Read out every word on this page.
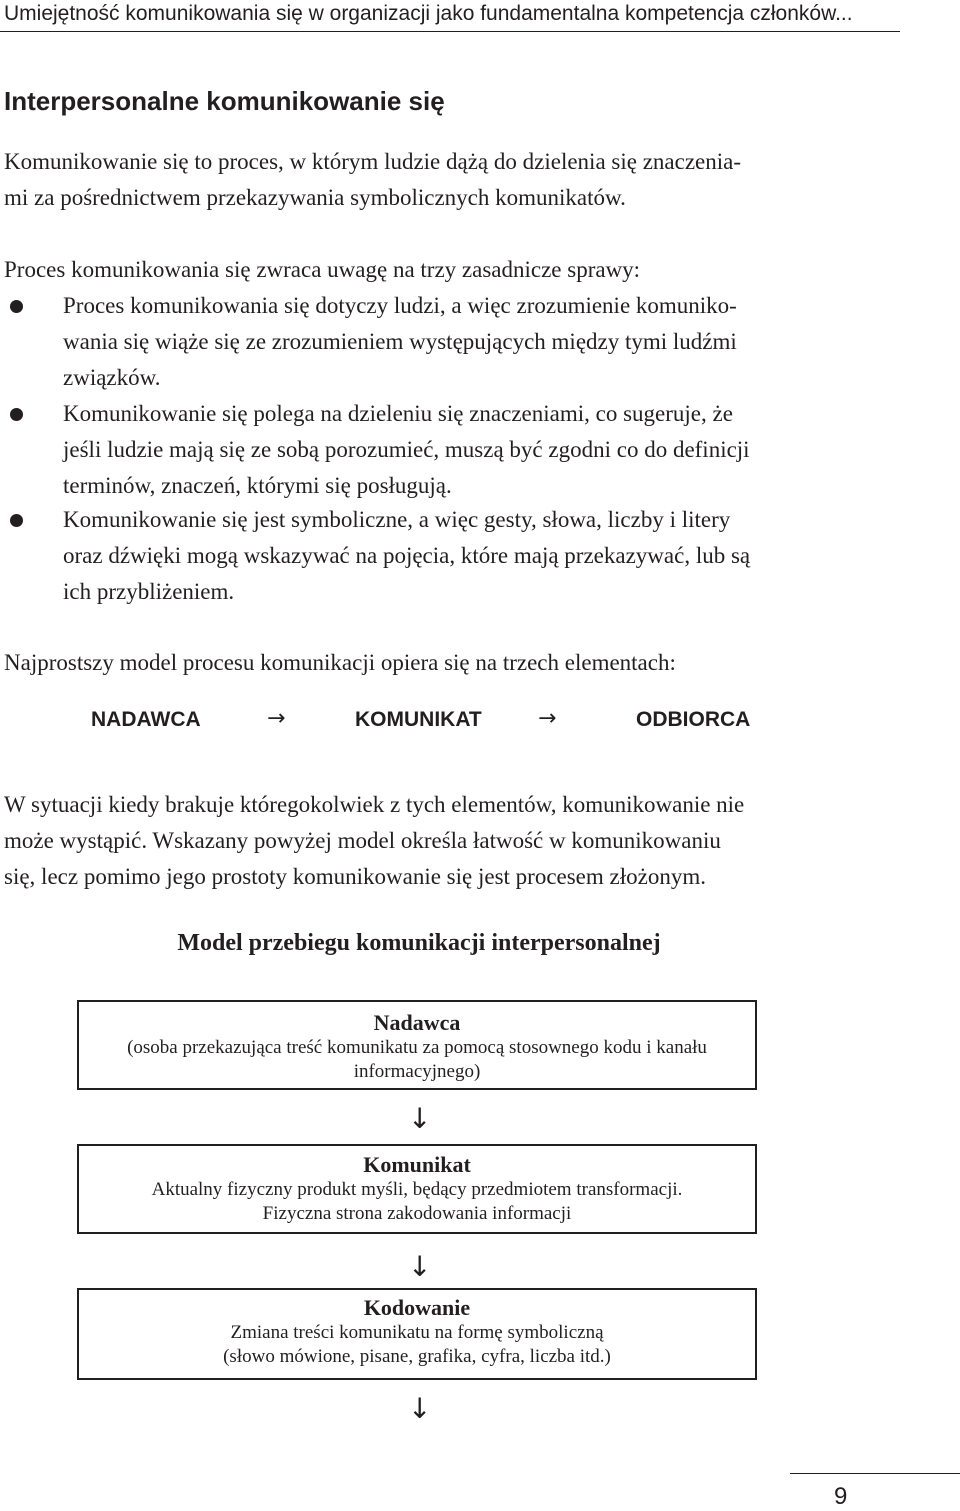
Umiejętność komunikowania się w organizacji jako fundamentalna kompetencja członków...
Interpersonalne komunikowanie się
Komunikowanie się to proces, w którym ludzie dążą do dzielenia się znaczenia-
mi za pośrednictwem przekazywania symbolicznych komunikatów.
Proces komunikowania się zwraca uwagę na trzy zasadnicze sprawy:
Proces komunikowania się dotyczy ludzi, a więc zrozumienie komuniko-
wania się wiąże się ze zrozumieniem występujących między tymi ludźmi
związków.
Komunikowanie się polega na dzieleniu się znaczeniami, co sugeruje, że
jeśli ludzie mają się ze sobą porozumieć, muszą być zgodni co do definicji
terminów, znaczeń, którymi się posługują.
Komunikowanie się jest symboliczne, a więc gesty, słowa, liczby i litery
oraz dźwięki mogą wskazywać na pojęcia, które mają przekazywać, lub są
ich przybliżeniem.
Najprostszy model procesu komunikacji opiera się na trzech elementach:
NADAWCA	→	KOMUNIKAT	→	ODBIORCA
W sytuacji kiedy brakuje któregokolwiek z tych elementów, komunikowanie nie
może wystąpić. Wskazany powyżej model określa łatwość w komunikowaniu
się, lecz pomimo jego prostoty komunikowanie się jest procesem złożonym.
Model przebiegu komunikacji interpersonalnej
Nadawca
(osoba przekazująca treść komunikatu za pomocą stosownego kodu i kanału
informacyjnego)
↓
Komunikat
Aktualny fizyczny produkt myśli, będący przedmiotem transformacji.
Fizyczna strona zakodowania informacji
↓
Kodowanie
Zmiana treści komunikatu na formę symboliczną
(słowo mówione, pisane, grafika, cyfra, liczba itd.)
↓
9
